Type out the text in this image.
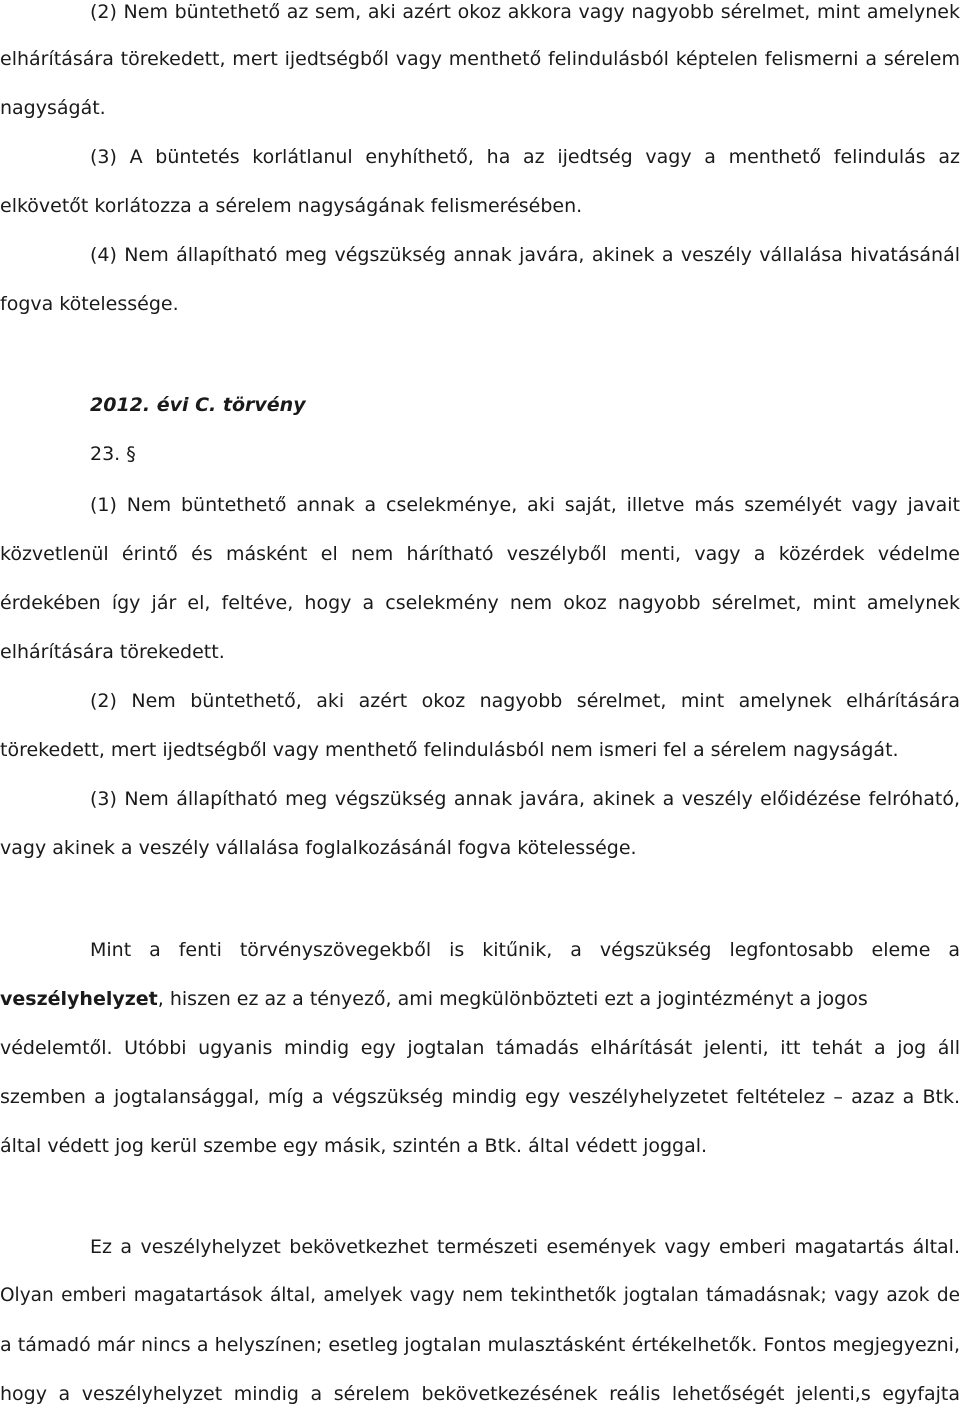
(2) Nem büntethető az sem, aki azért okoz akkora vagy nagyobb sérelmet, mint amelynek
elhárítására törekedett, mert ijedtségből vagy menthető felindulásból képtelen felismerni a sérelem
nagyságát.
(3) A büntetés korlátlanul enyhíthető, ha az ijedtség vagy a menthető felindulás az
elkövetőt korlátozza a sérelem nagyságának felismerésében.
(4) Nem állapítható meg végszükség annak javára, akinek a veszély vállalása hivatásánál
fogva kötelessége.
2012. évi C. törvény
23. §
(1) Nem büntethető annak a cselekménye, aki saját, illetve más személyét vagy javait
közvetlenül érintő és másként el nem hárítható veszélyből menti, vagy a közérdek védelme
érdekében így jár el, feltéve, hogy a cselekmény nem okoz nagyobb sérelmet, mint amelynek
elhárítására törekedett.
(2) Nem büntethető, aki azért okoz nagyobb sérelmet, mint amelynek elhárítására
törekedett, mert ijedtségből vagy menthető felindulásból nem ismeri fel a sérelem nagyságát.
(3) Nem állapítható meg végszükség annak javára, akinek a veszély előidézése felróható,
vagy akinek a veszély vállalása foglalkozásánál fogva kötelessége.
Mint a fenti törvényszövegekből is kitűnik, a végszükség legfontosabb eleme a
veszélyhelyzet, hiszen ez az a tényező, ami megkülönbözteti ezt a jogintézményt a jogos
védelemtől. Utóbbi ugyanis mindig egy jogtalan támadás elhárítását jelenti, itt tehát a jog áll
szemben a jogtalansággal, míg a végszükség mindig egy veszélyhelyzetet feltételez – azaz a Btk.
által védett jog kerül szembe egy másik, szintén a Btk. által védett joggal.
Ez a veszélyhelyzet bekövetkezhet természeti események vagy emberi magatartás által.
Olyan emberi magatartások által, amelyek vagy nem tekinthetők jogtalan támadásnak; vagy azok de
a támadó már nincs a helyszínen; esetleg jogtalan mulasztásként értékelhetők. Fontos megjegyezni,
hogy a veszélyhelyzet mindig a sérelem bekövetkezésének reális lehetőségét jelenti,s egyfajta
